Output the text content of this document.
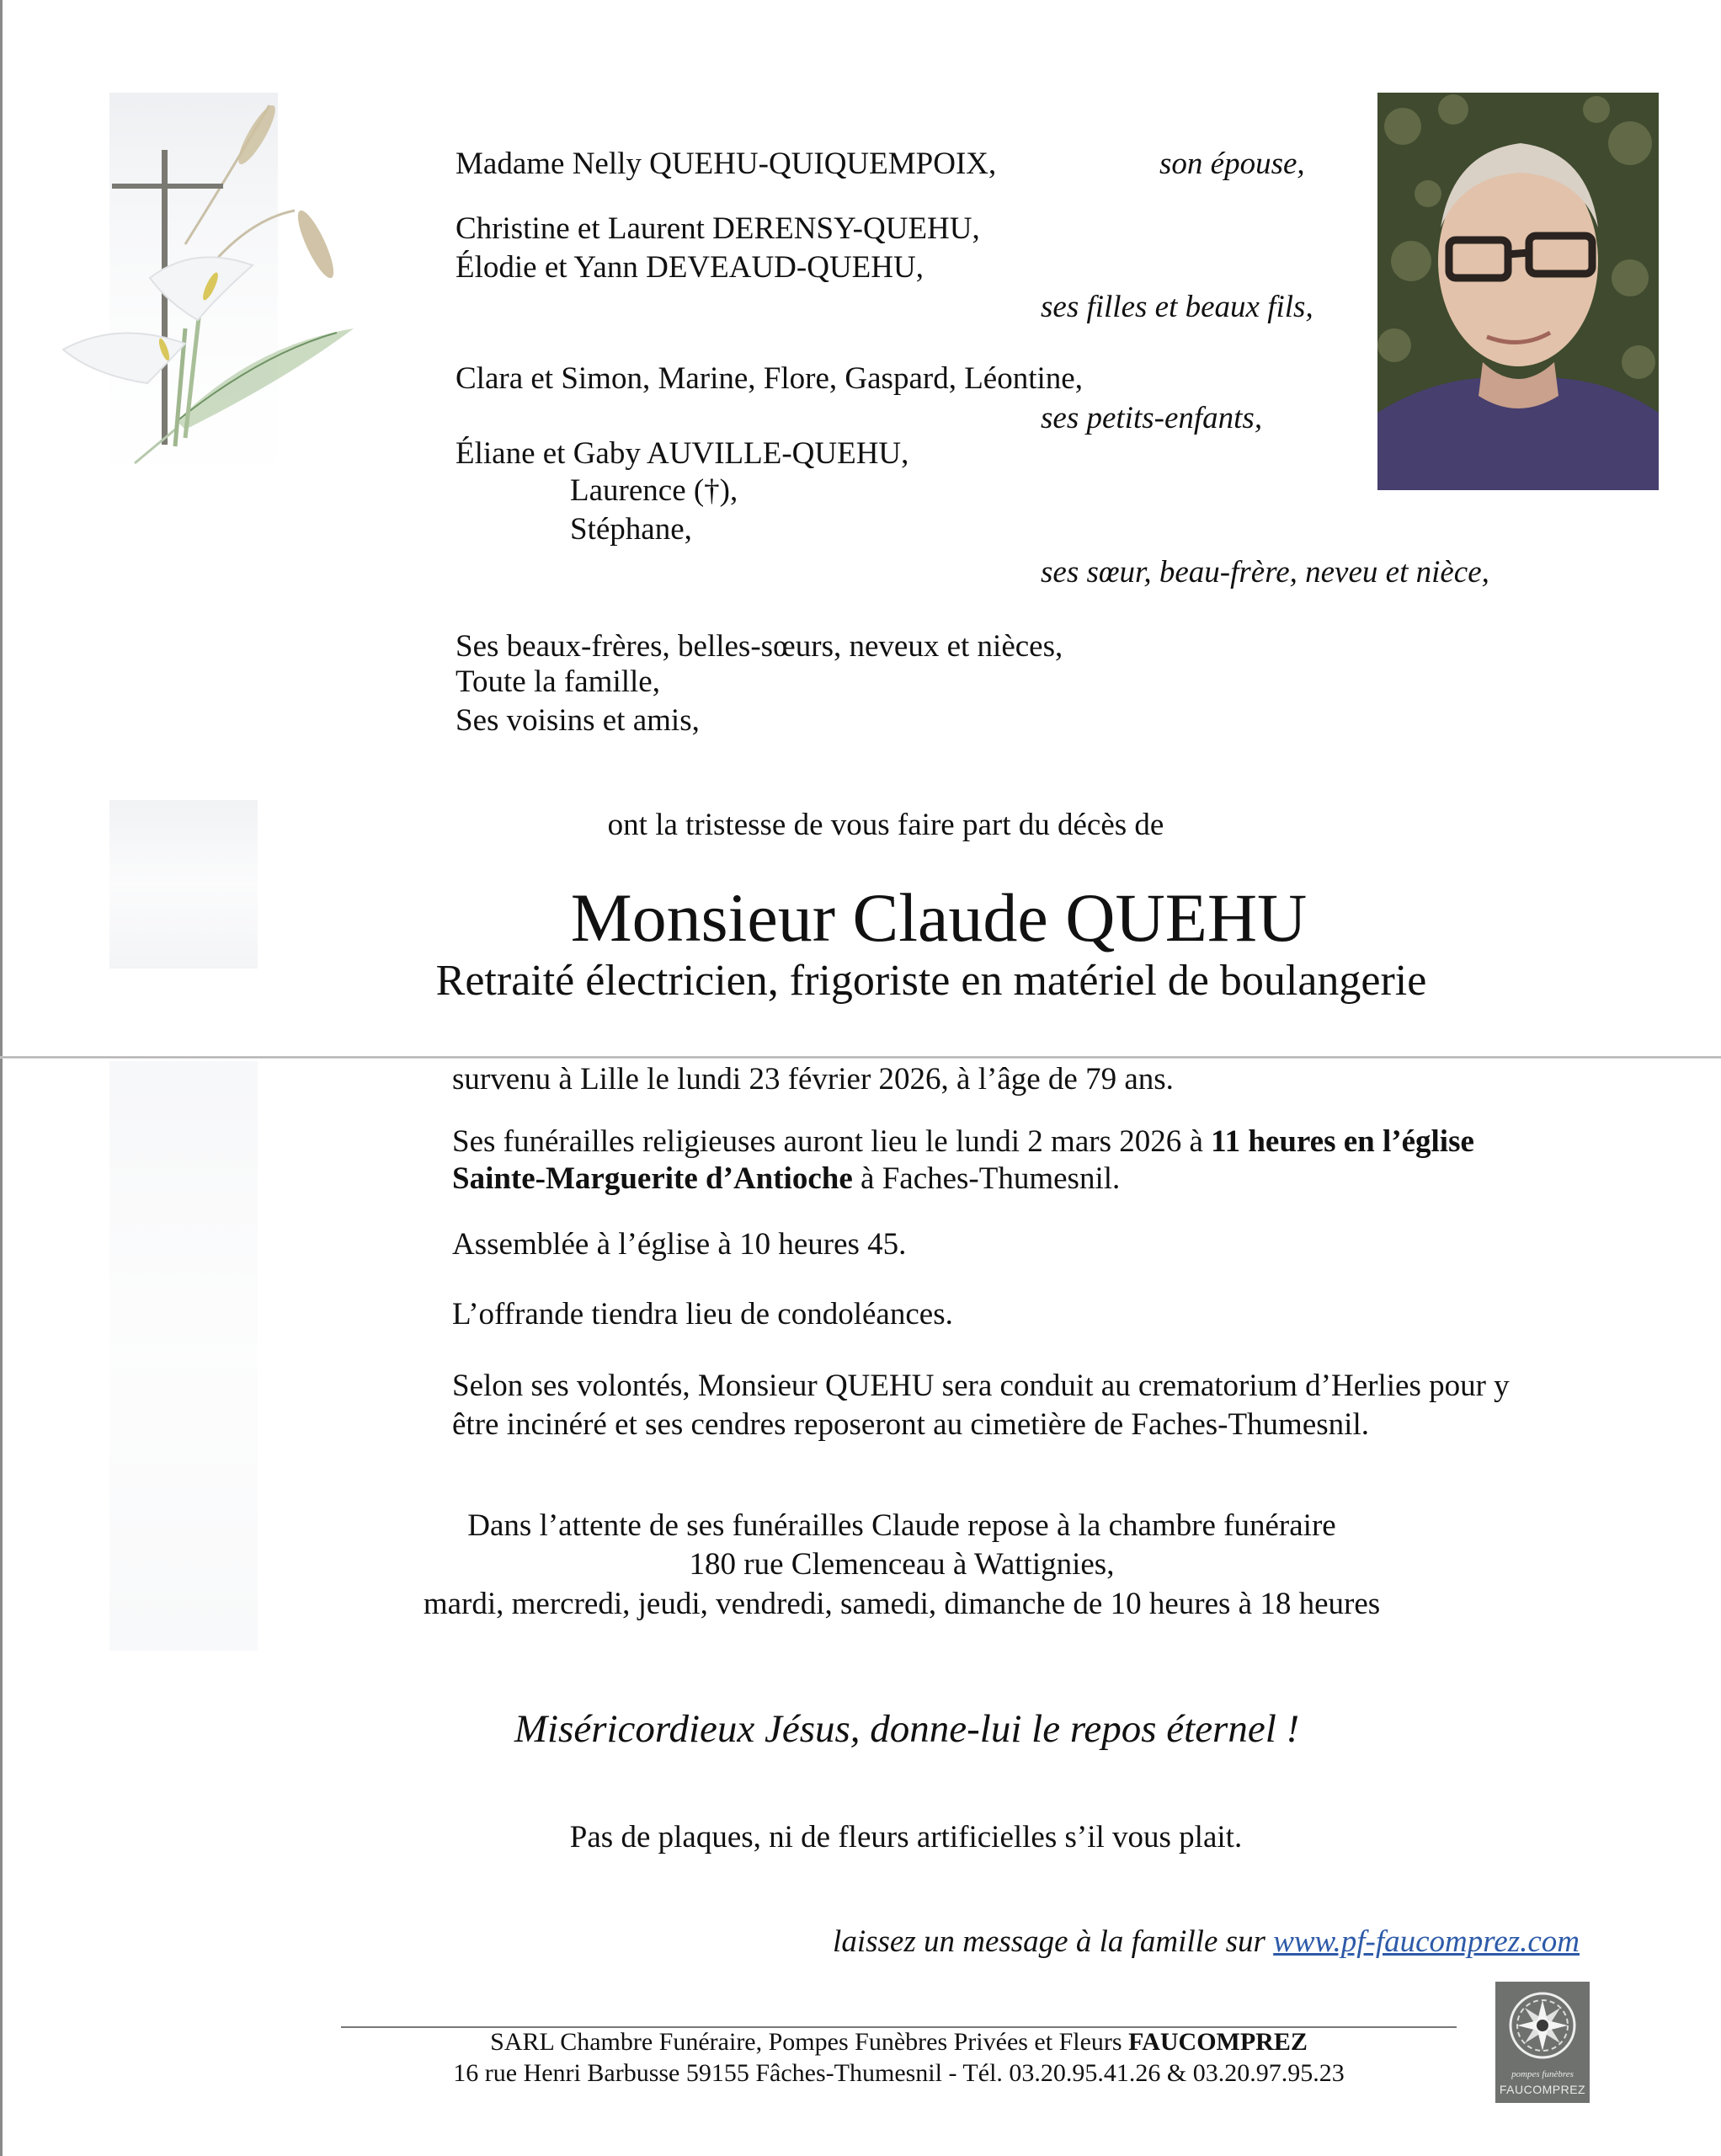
Madame Nelly QUEHU-QUIQUEMPOIX,	son épouse,
Christine et Laurent DERENSY-QUEHU,
Élodie et Yann DEVEAUD-QUEHU,
ses filles et beaux fils,
Clara et Simon, Marine, Flore, Gaspard, Léontine,
ses petits-enfants,
Éliane et Gaby AUVILLE-QUEHU,
Laurence (†),
Stéphane,
ses sœur, beau-frère, neveu et nièce,
Ses beaux-frères, belles-sœurs, neveux et nièces,
Toute la famille,
Ses voisins et amis,
ont la tristesse de vous faire part du décès de
Monsieur Claude QUEHU
Retraité électricien, frigoriste en matériel de boulangerie
survenu à Lille le lundi 23 février 2026, à l’âge de 79 ans.
Ses funérailles religieuses auront lieu le lundi 2 mars 2026 à 11 heures en l’église
Sainte-Marguerite d’Antioche à Faches-Thumesnil.
Assemblée à l’église à 10 heures 45.
L’offrande tiendra lieu de condoléances.
Selon ses volontés, Monsieur QUEHU sera conduit au crematorium d’Herlies pour y
être incinéré et ses cendres reposeront au cimetière de Faches-Thumesnil.
Dans l’attente de ses funérailles Claude repose à la chambre funéraire
180 rue Clemenceau à Wattignies,
mardi, mercredi, jeudi, vendredi, samedi, dimanche de 10 heures à 18 heures
Miséricordieux Jésus, donne-lui le repos éternel !
Pas de plaques, ni de fleurs artificielles s’il vous plait.
laissez un message à la famille sur www.pf-faucomprez.com
SARL Chambre Funéraire, Pompes Funèbres Privées et Fleurs FAUCOMPREZ
16 rue Henri Barbusse 59155 Fâches-Thumesnil - Tél. 03.20.95.41.26 & 03.20.97.95.23	pompes funèbres
FAUCOMPREZ
